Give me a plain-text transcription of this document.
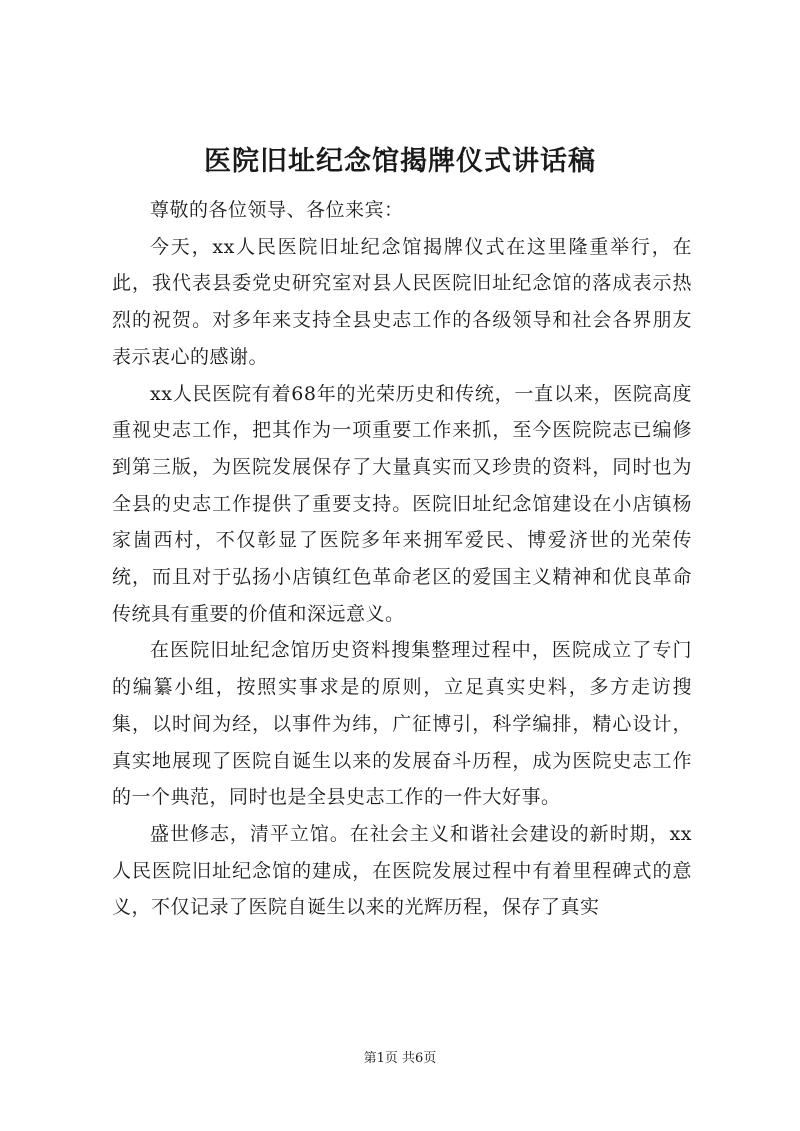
医院旧址纪念馆揭牌仪式讲话稿

尊敬的各位领导、各位来宾：

今天，xx人民医院旧址纪念馆揭牌仪式在这里隆重举行，在此，我代表县委党史研究室对县人民医院旧址纪念馆的落成表示热烈的祝贺。对多年来支持全县史志工作的各级领导和社会各界朋友表示衷心的感谢。

xx人民医院有着68年的光荣历史和传统，一直以来，医院高度重视史志工作，把其作为一项重要工作来抓，至今医院院志已编修到第三版，为医院发展保存了大量真实而又珍贵的资料，同时也为全县的史志工作提供了重要支持。医院旧址纪念馆建设在小店镇杨家崮西村，不仅彰显了医院多年来拥军爱民、博爱济世的光荣传统，而且对于弘扬小店镇红色革命老区的爱国主义精神和优良革命传统具有重要的价值和深远意义。

在医院旧址纪念馆历史资料搜集整理过程中，医院成立了专门的编纂小组，按照实事求是的原则，立足真实史料，多方走访搜集，以时间为经，以事件为纬，广征博引，科学编排，精心设计，真实地展现了医院自诞生以来的发展奋斗历程，成为医院史志工作的一个典范，同时也是全县史志工作的一件大好事。

盛世修志，清平立馆。在社会主义和谐社会建设的新时期，xx人民医院旧址纪念馆的建成，在医院发展过程中有着里程碑式的意义，不仅记录了医院自诞生以来的光辉历程，保存了真实

第1页 共6页
